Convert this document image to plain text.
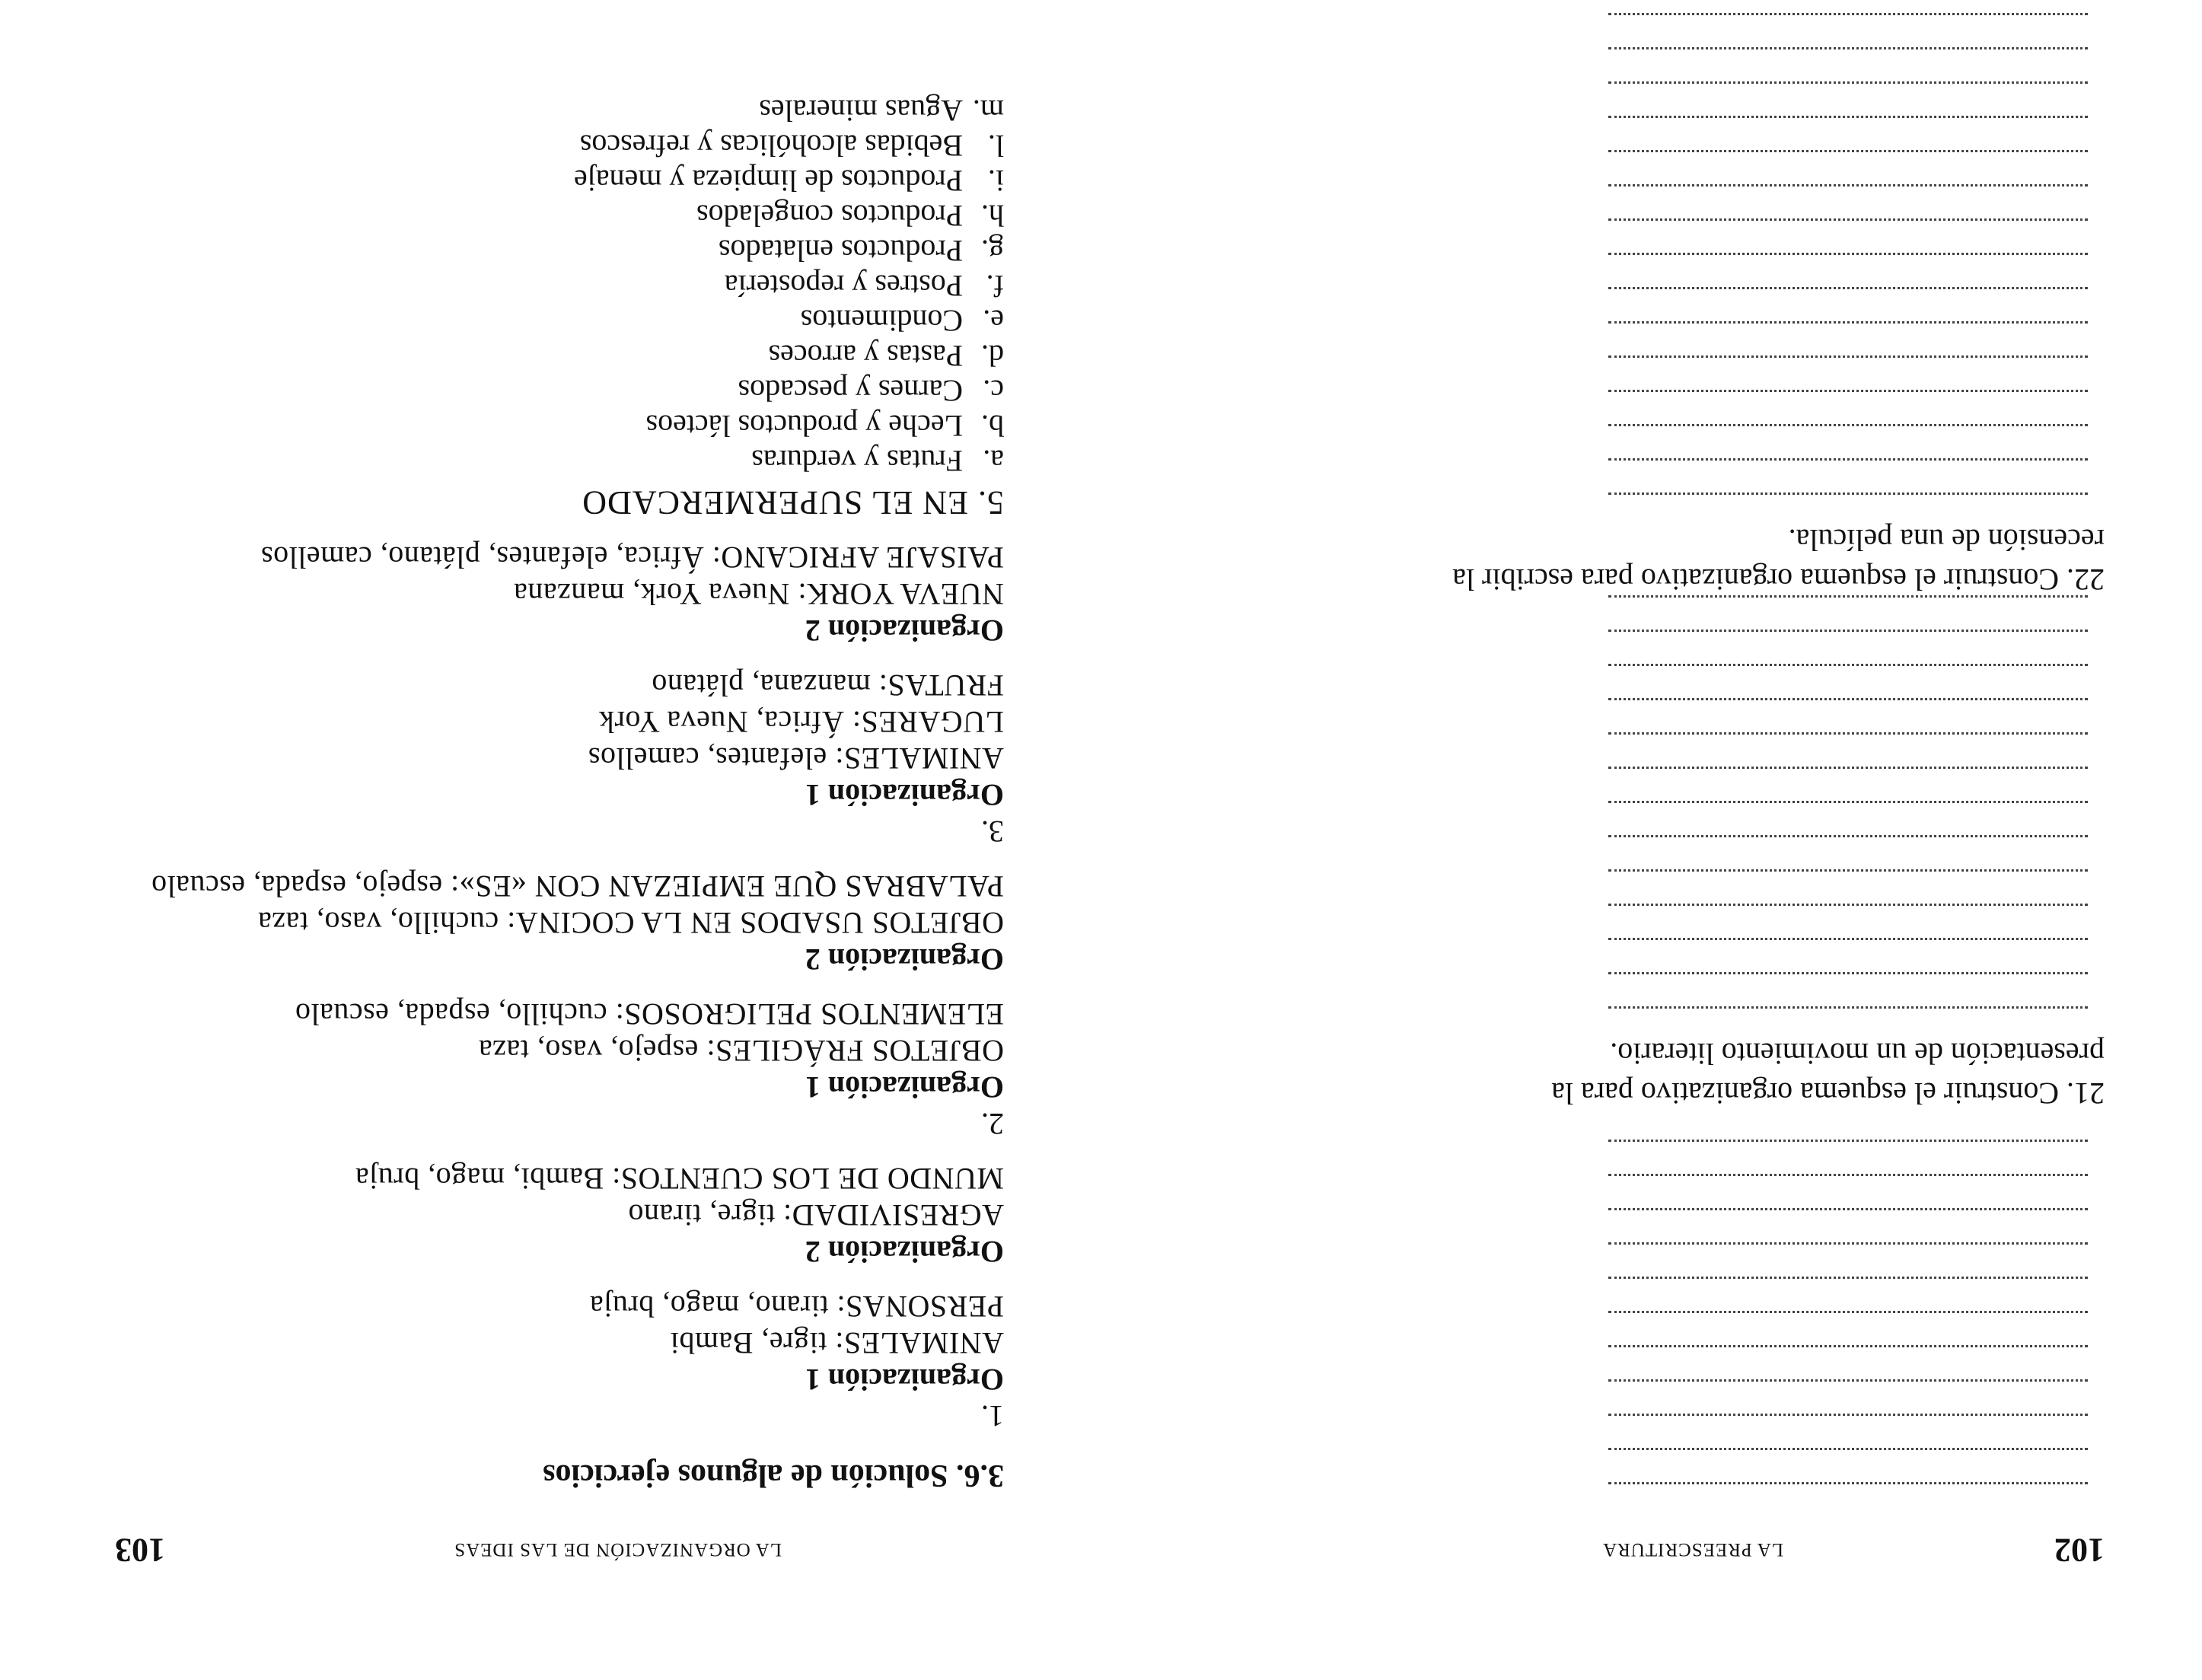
102
LA PREESCRITURA
21. Construir el esquema organizativo para la presentación de un movimiento literario.
22. Construir el esquema organizativo para escribir la recensión de una película.
LA ORGANIZACIÓN DE LAS IDEAS
103
3.6. Solución de algunos ejercicios

1.

Organización 1

ANIMALES: tigre, Bambi

PERSONAS: tirano, mago, bruja

Organización 2

AGRESIVIDAD: tigre, tirano

MUNDO DE LOS CUENTOS: Bambi, mago, bruja

2.

Organización 1

OBJETOS FRÁGILES: espejo, vaso, taza

ELEMENTOS PELIGROSOS: cuchillo, espada, escualo

Organización 2

OBJETOS USADOS EN LA COCINA: cuchillo, vaso, taza

PALABRAS QUE EMPIEZAN CON «ES»: espejo, espada, escualo

3.

Organización 1

ANIMALES: elefantes, camellos

LUGARES: África, Nueva York

FRUTAS: manzana, plátano

Organización 2

NUEVA YORK: Nueva York, manzana

PAISAJE AFRICANO: África, elefantes, plátano, camellos

5. EN EL SUPERMERCADO
a.
Frutas y verduras
b.
Leche y productos lácteos
c.
Carnes y pescados
d.
Pastas y arroces
e.
Condimentos
f.
Postres y repostería
g.
Productos enlatados
h.
Productos congelados
i.
Productos de limpieza y menaje
l.
Bebidas alcohólicas y refrescos
m.
Aguas minerales
